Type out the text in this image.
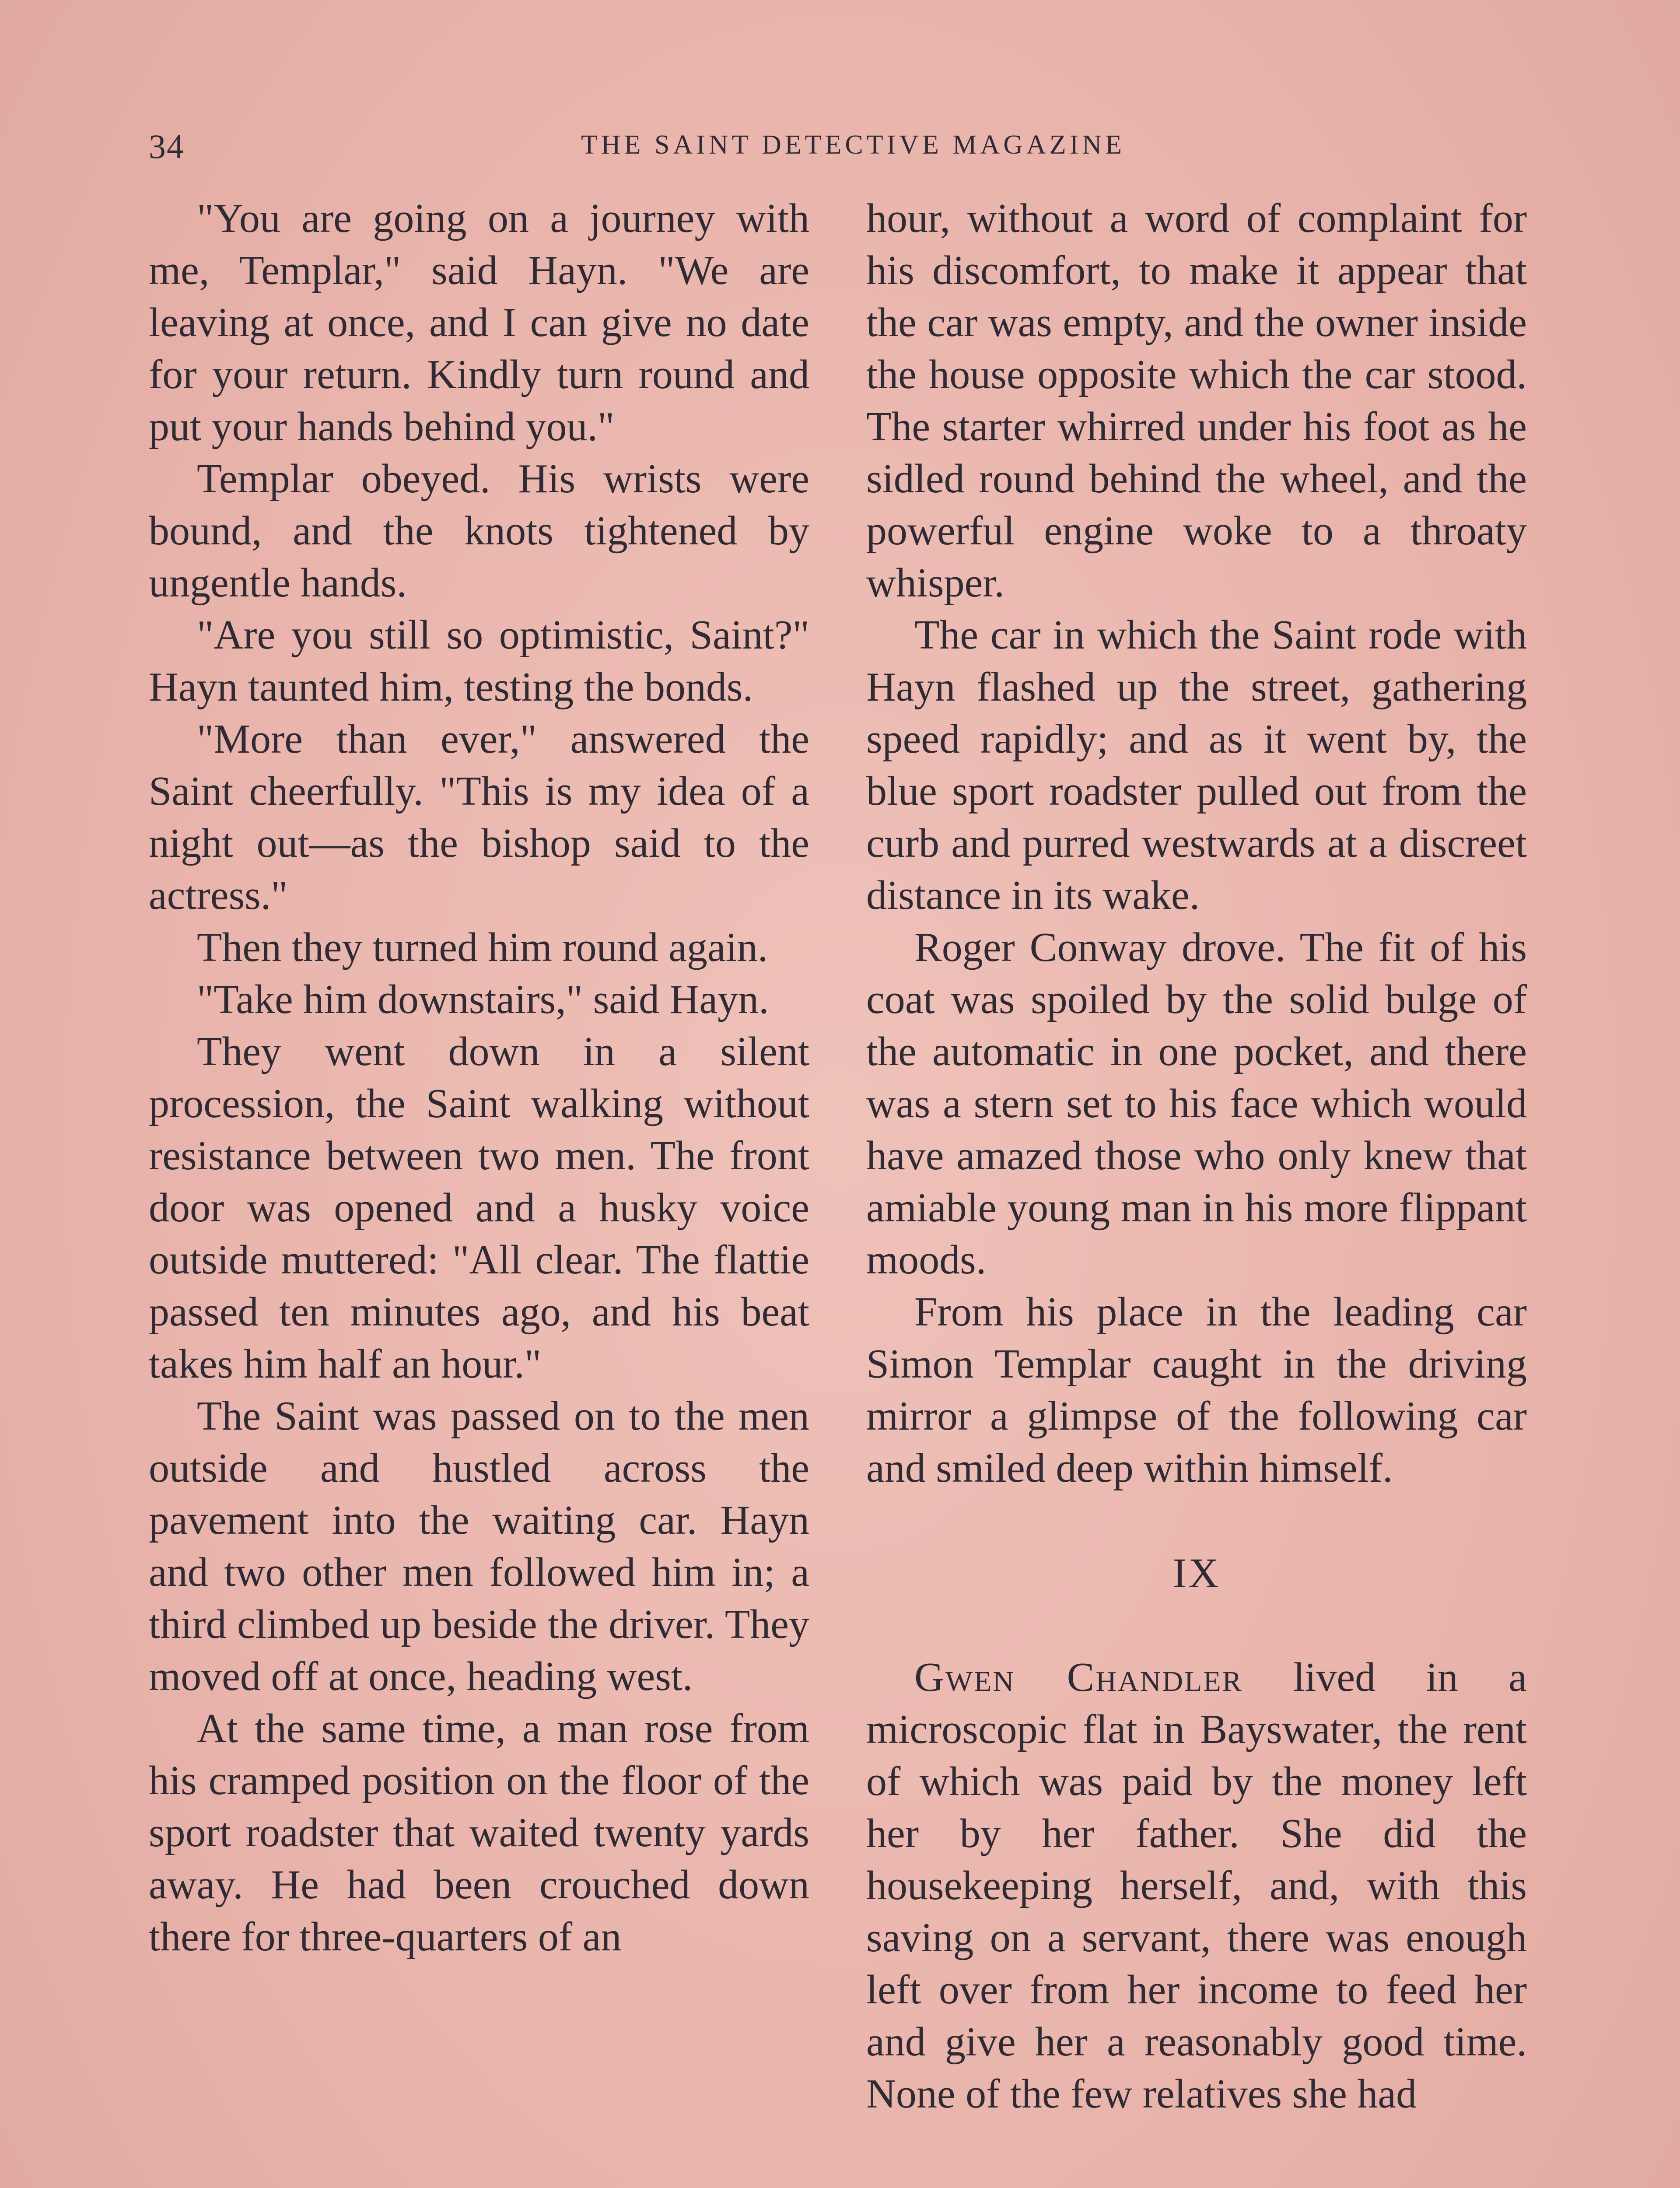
34	THE SAINT DETECTIVE MAGAZINE

"You are going on a journey with me, Templar," said Hayn. "We are leaving at once, and I can give no date for your return. Kindly turn round and put your hands behind you."

Templar obeyed. His wrists were bound, and the knots tightened by ungentle hands.

"Are you still so optimistic, Saint?" Hayn taunted him, testing the bonds.

"More than ever," answered the Saint cheerfully. "This is my idea of a night out—as the bishop said to the actress."

Then they turned him round again.

"Take him downstairs," said Hayn.

They went down in a silent procession, the Saint walking without resistance between two men. The front door was opened and a husky voice outside muttered: "All clear. The flattie passed ten minutes ago, and his beat takes him half an hour."

The Saint was passed on to the men outside and hustled across the pavement into the waiting car. Hayn and two other men followed him in; a third climbed up beside the driver. They moved off at once, heading west.

At the same time, a man rose from his cramped position on the floor of the sport roadster that waited twenty yards away. He had been crouched down there for three-quarters of an

hour, without a word of complaint for his discomfort, to make it appear that the car was empty, and the owner inside the house opposite which the car stood. The starter whirred under his foot as he sidled round behind the wheel, and the powerful engine woke to a throaty whisper.

The car in which the Saint rode with Hayn flashed up the street, gathering speed rapidly; and as it went by, the blue sport roadster pulled out from the curb and purred westwards at a discreet distance in its wake.

Roger Conway drove. The fit of his coat was spoiled by the solid bulge of the automatic in one pocket, and there was a stern set to his face which would have amazed those who only knew that amiable young man in his more flippant moods.

From his place in the leading car Simon Templar caught in the driving mirror a glimpse of the following car and smiled deep within himself.

IX

Gwen Chandler lived in a microscopic flat in Bayswater, the rent of which was paid by the money left her by her father. She did the housekeeping herself, and, with this saving on a servant, there was enough left over from her income to feed her and give her a reasonably good time. None of the few relatives she had
